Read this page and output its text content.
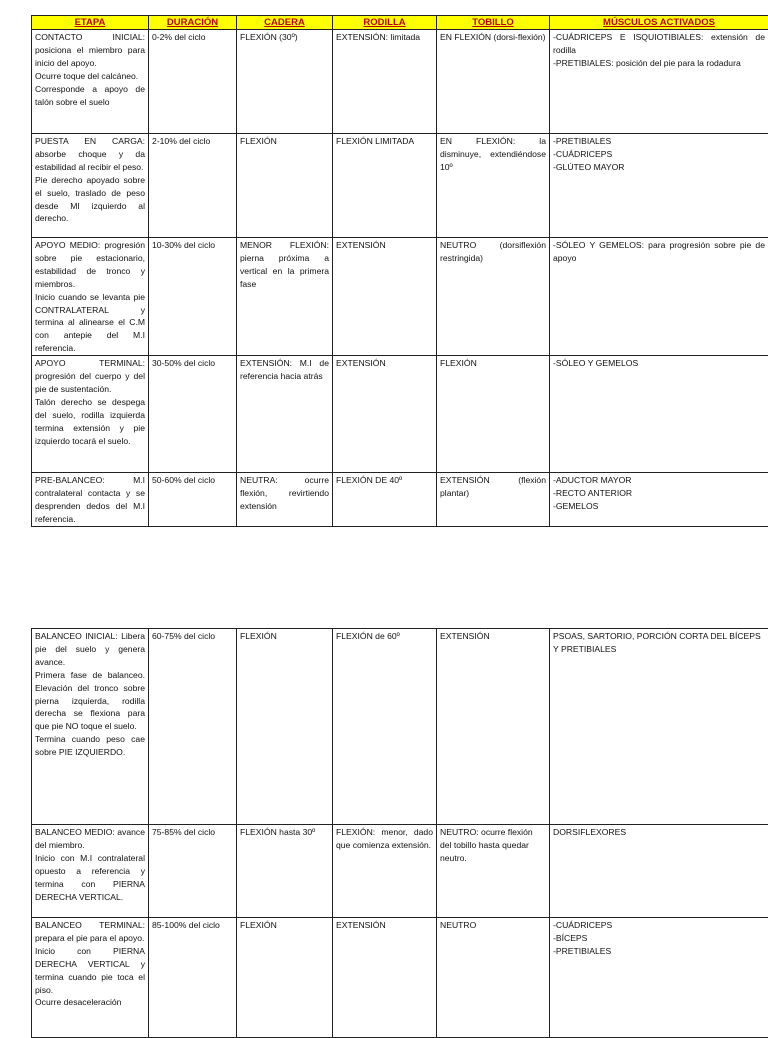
ETAPA	DURACIÓN	CADERA	RODILLA	TOBILLO	MÚSCULOS ACTIVADOS

CONTACTO INICIAL: posiciona el miembro para inicio del apoyo.
Ocurre toque del calcáneo.
Corresponde a apoyo de talón sobre el suelo	0-2% del ciclo	FLEXIÓN (30º)	EXTENSIÓN: limitada	EN FLEXIÓN (dorsi-flexión)	-CUÁDRICEPS E ISQUIOTIBIALES: extensión de rodilla
-PRETIBIALES: posición del pie para la rodadura

PUESTA EN CARGA: absorbe choque y da estabilidad al recibir el peso.
Pie derecho apoyado sobre el suelo, traslado de peso desde MI izquierdo al derecho.	2-10% del ciclo	FLEXIÓN	FLEXIÓN LIMITADA	EN FLEXIÓN: la disminuye, extendiéndose 10º	-PRETIBIALES
-CUÁDRICEPS
-GLÚTEO MAYOR

APOYO MEDIO: progresión sobre pie estacionario, estabilidad de tronco y miembros.
Inicio cuando se levanta pie CONTRALATERAL y termina al alinearse el C.M con antepie del M.I referencia.	10-30% del ciclo	MENOR FLEXIÓN: pierna próxima a vertical en la primera fase	EXTENSIÓN	NEUTRO (dorsiflexión restringida)	-SÓLEO Y GEMELOS: para progresión sobre pie de apoyo

APOYO TERMINAL: progresión del cuerpo y del pie de sustentación.
Talón derecho se despega del suelo, rodilla izquierda termina extensión y pie izquierdo tocará el suelo.	30-50% del ciclo	EXTENSIÓN: M.I de referencia hacia atrás	EXTENSIÓN	FLEXIÓN	-SÓLEO Y GEMELOS

PRE-BALANCEO: M.I contralateral contacta y se desprenden dedos del M.I referencia.	50-60% del ciclo	NEUTRA: ocurre flexión, revirtiendo extensión	FLEXIÓN DE 40º	EXTENSIÓN (flexión plantar)	-ADUCTOR MAYOR
-RECTO ANTERIOR
-GEMELOS
BALANCEO INICIAL: Libera pie del suelo y genera avance.
Primera fase de balanceo. Elevación del tronco sobre pierna izquierda, rodilla derecha se flexiona para que pie NO toque el suelo.
Termina cuando peso cae sobre PIE IZQUIERDO.	60-75% del ciclo	FLEXIÓN	FLEXIÓN de 60º	EXTENSIÓN	PSOAS, SARTORIO, PORCIÓN CORTA DEL BÍCEPS Y PRETIBIALES

BALANCEO MEDIO: avance del miembro.
Inicio con M.I contralateral opuesto a referencia y termina con PIERNA DERECHA VERTICAL.	75-85% del ciclo	FLEXIÓN hasta 30º	FLEXIÓN: menor, dado que comienza extensión.	NEUTRO: ocurre flexión del tobillo hasta quedar neutro.	DORSIFLEXORES

BALANCEO TERMINAL: prepara el pie para el apoyo.
Inicio con PIERNA DERECHA VERTICAL y termina cuando pie toca el piso.
Ocurre desaceleración	85-100% del ciclo	FLEXIÓN	EXTENSIÓN	NEUTRO	-CUÁDRICEPS
-BÍCEPS
-PRETIBIALES
